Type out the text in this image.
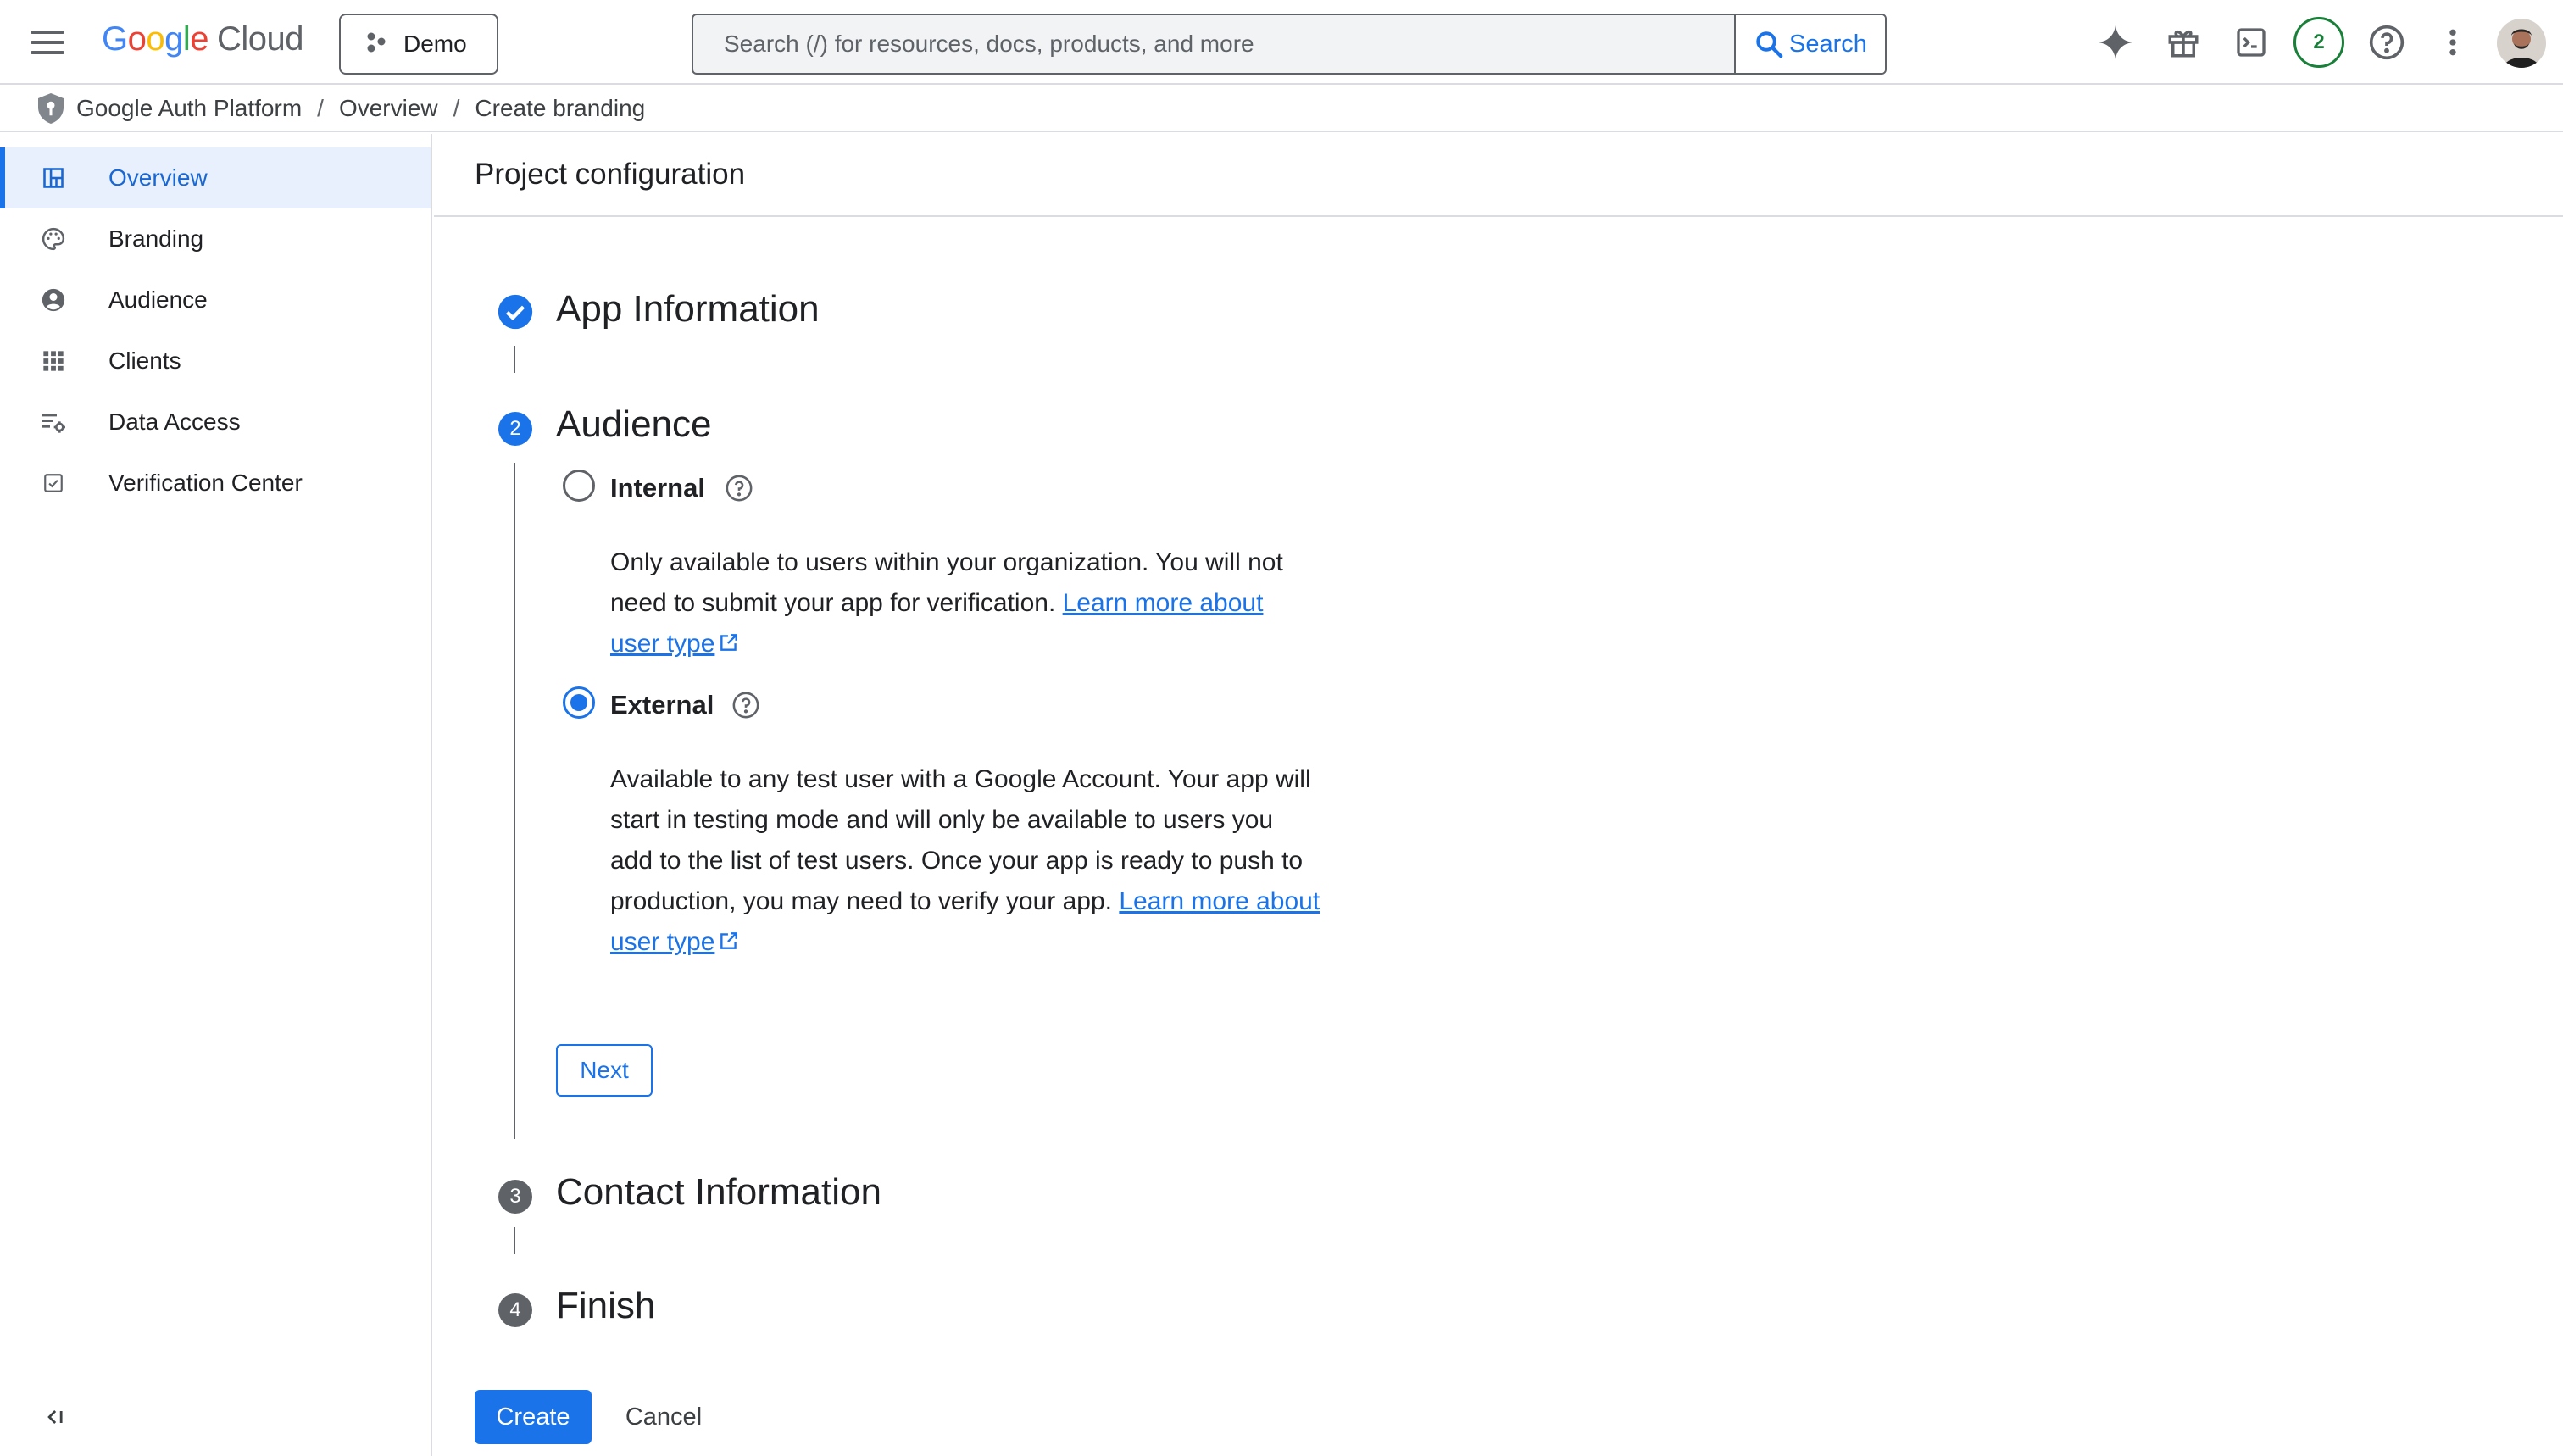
Google Cloud	Demo
Search (/) for resources, docs, products, and more	Search	2
Google Auth Platform / Overview / Create branding
Overview
Branding
Audience
Clients
Data Access
Verification Center
Project configuration
App Information
2 Audience
Internal
Only available to users within your organization. You will not
need to submit your app for verification. Learn more about
user type
External
Available to any test user with a Google Account. Your app will
start in testing mode and will only be available to users you
add to the list of test users. Once your app is ready to push to
production, you may need to verify your app. Learn more about
user type
Next
3 Contact Information
4 Finish
Create	Cancel
